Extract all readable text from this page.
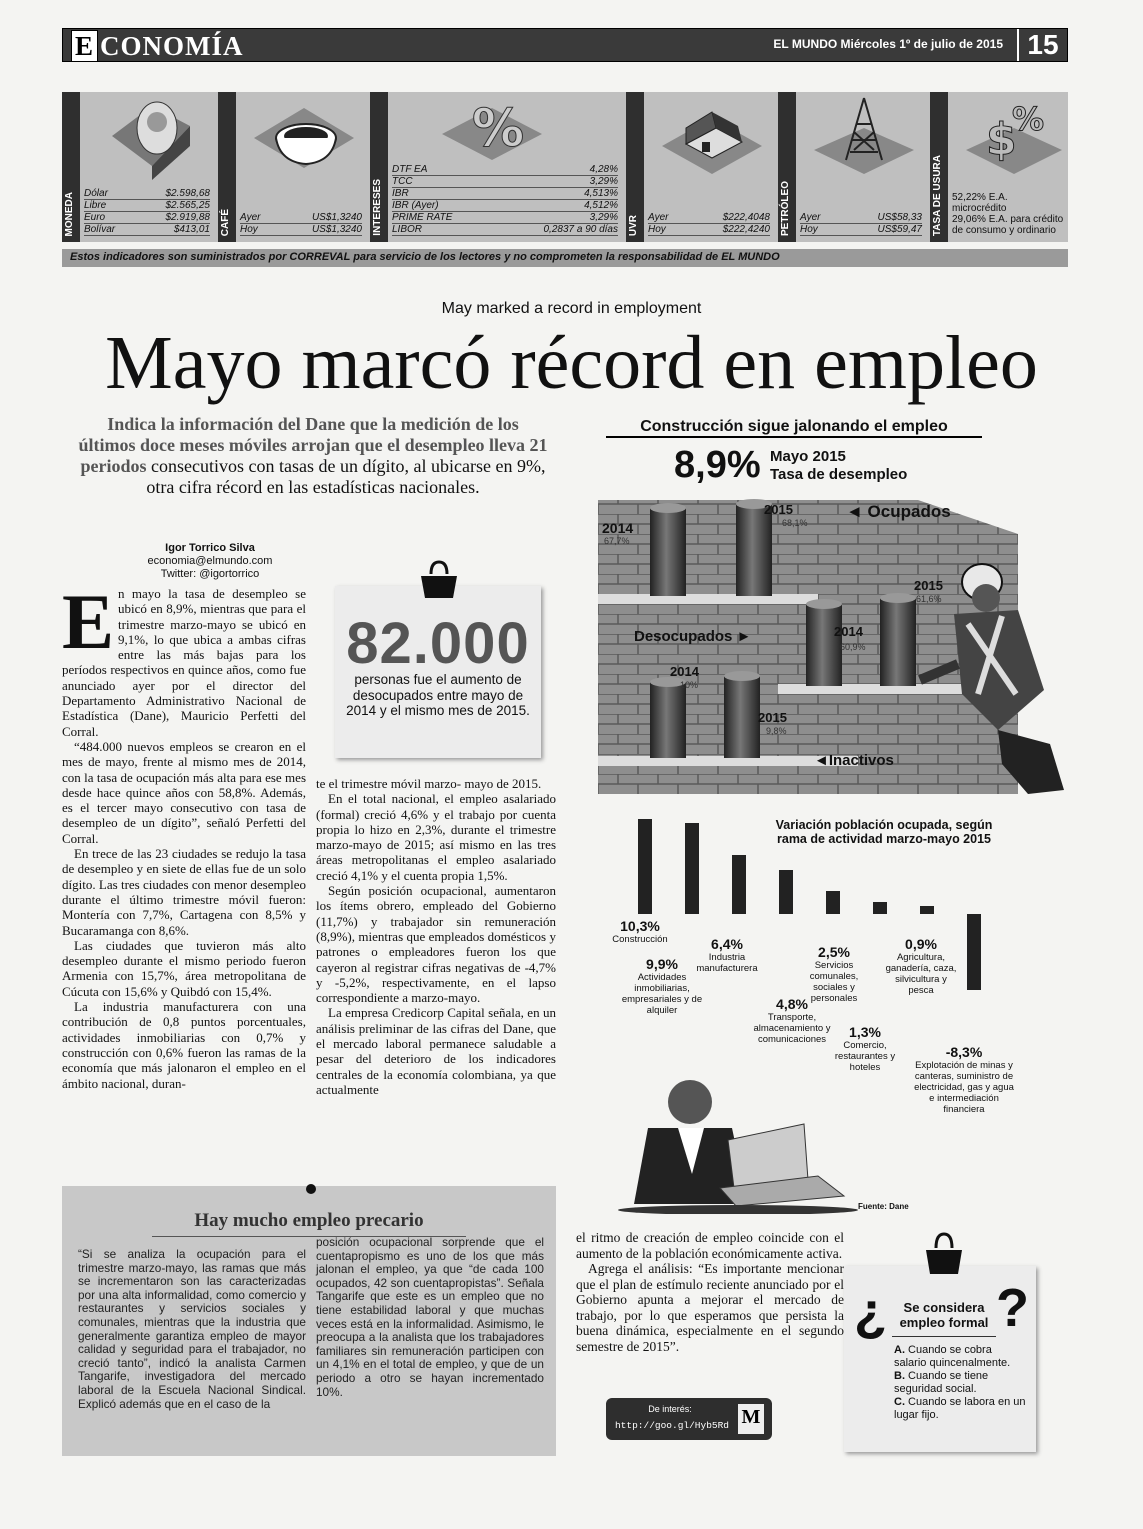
E CONOMÍA	EL MUNDO Miércoles 1º de julio de 2015 15
MONEDA Dólar	$2.598,68
Libre	$2.565,25
Euro	$2.919,88
Bolívar	$413,01 CAFÉ Ayer	US$1,3240
Hoy	US$1,3240 INTERESES
%
DTF EA	4,28%
TCC	3,29%
IBR	4,513%
IBR (Ayer)	4,512%
PRIME RATE	3,29%
LIBOR	0,2837 a 90 días UVR Ayer	$222,4048
Hoy	$222,4240 PETRÓLEO Ayer	US$58,33
Hoy	US$59,47 TASA DE USURA
$
%
52,22% E.A. microcrédito
29,06% E.A. para crédito
de consumo y ordinario
Estos indicadores son suministrados por CORREVAL para servicio de los lectores y no comprometen la responsabilidad de EL MUNDO
May marked a record in employment
Mayo marcó récord en empleo
Indica la información del Dane que la medición de los últimos doce meses móviles arrojan que el desempleo lleva 21 periodos consecutivos con tasas de un dígito, al ubicarse en 9%, otra cifra récord en las estadísticas nacionales.
Igor Torrico Silva
economia@elmundo.com
Twitter: @igortorrico

En mayo la tasa de desempleo se ubicó en 8,9%, mientras que para el trimestre marzo-mayo se ubicó en 9,1%, lo que ubica a ambas cifras entre las más bajas para los períodos respectivos en quince años, como fue anunciado ayer por el director del Departamento Administrativo Nacional de Estadística (Dane), Mauricio Perfetti del Corral.

“484.000 nuevos empleos se crearon en el mes de mayo, frente al mismo mes de 2014, con la tasa de ocupación más alta para ese mes desde hace quince años con 58,8%. Además, es el tercer mayo consecutivo con tasa de desempleo de un dígito”, señaló Perfetti del Corral.

En trece de las 23 ciudades se redujo la tasa de desempleo y en siete de ellas fue de un solo dígito. Las tres ciudades con menor desempleo durante el último trimestre móvil fueron: Montería con 7,7%, Cartagena con 8,5% y Bucaramanga con 8,6%.

Las ciudades que tuvieron más alto desempleo durante el mismo periodo fueron Armenia con 15,7%, área metropolitana de Cúcuta con 15,6% y Quibdó con 15,4%.

La industria manufacturera con una contribución de 0,8 puntos porcentuales, actividades inmobiliarias con 0,7% y construcción con 0,6% fueron las ramas de la economía que más jalonaron el empleo en el ámbito nacional, duran-

82.000
personas fue el aumento de desocupados entre mayo de 2014 y el mismo mes de 2015.

te el trimestre móvil marzo- mayo de 2015.

En el total nacional, el empleo asalariado (formal) creció 4,6% y el trabajo por cuenta propia lo hizo en 2,3%, durante el trimestre marzo-mayo de 2015; así mismo en las tres áreas metropolitanas el empleo asalariado creció 4,1% y el cuenta propia 1,5%.

Según posición ocupacional, aumentaron los ítems obrero, empleado del Gobierno (11,7%) y trabajador sin remuneración (8,9%), mientras que empleados domésticos y patrones o empleadores fueron los que cayeron al registrar cifras negativas de -4,7% y -5,2%, respectivamente, en el lapso correspondiente a marzo-mayo.

La empresa Credicorp Capital señala, en un análisis preliminar de las cifras del Dane, que el mercado laboral permanece saludable a pesar del deterioro de los indicadores centrales de la economía colombiana, ya que actualmente

Construcción sigue jalonando el empleo
8,9% Mayo 2015
Tasa de desempleo
2014
67,7%
2015
68,1%
◄ Ocupados
Desocupados ►	2014
60,9%
2015
61,6%
2014
10%
2015
9,8%
◄Inactivos
Variación población ocupada, según rama de actividad marzo-mayo 2015
10,3%
Construcción
9,9%
Actividades inmobiliarias, empresariales y de alquiler
6,4%
Industria manufacturera
4,8%
Transporte, almacenamiento y comunicaciones
2,5%
Servicios comunales, sociales y personales
1,3%
Comercio, restaurantes y hoteles
0,9%
Agricultura, ganadería, caza, silvicultura y pesca
-8,3%
Explotación de minas y canteras, suministro de electricidad, gas y agua e intermediación financiera
Fuente: Dane
Hay mucho empleo precario
“Si se analiza la ocupación para el trimestre marzo-mayo, las ramas que más se incrementaron son las caracterizadas por una alta informalidad, como comercio y restaurantes y servicios sociales y comunales, mientras que la industria que generalmente garantiza empleo de mayor calidad y seguridad para el trabajador, no creció tanto”, indicó la analista Carmen Tangarife, investigadora del mercado laboral de la Escuela Nacional Sindical. Explicó además que en el caso de la
posición ocupacional sorprende que el cuentapropismo es uno de los que más jalonan el empleo, ya que “de cada 100 ocupados, 42 son cuentapropistas”. Señala Tangarife que este es un empleo que no tiene estabilidad laboral y que muchas veces está en la informalidad. Asimismo, le preocupa a la analista que los trabajadores familiares sin remuneración participen con un 4,1% en el total de empleo, y que de un periodo a otro se hayan incrementado 10%.

el ritmo de creación de empleo coincide con el aumento de la población económicamente activa.

Agrega el análisis: “Es importante mencionar que el plan de estímulo reciente anunciado por el Gobierno apunta a mejorar el mercado de trabajo, por lo que esperamos que persista la buena dinámica, especialmente en el segundo semestre de 2015”.

De interés:
http://goo.gl/Hyb5Rd M
¿ ?
Se considera empleo formal
A. Cuando se cobra salario quincenalmente.
B. Cuando se tiene seguridad social.
C. Cuando se labora en un lugar fijo.
